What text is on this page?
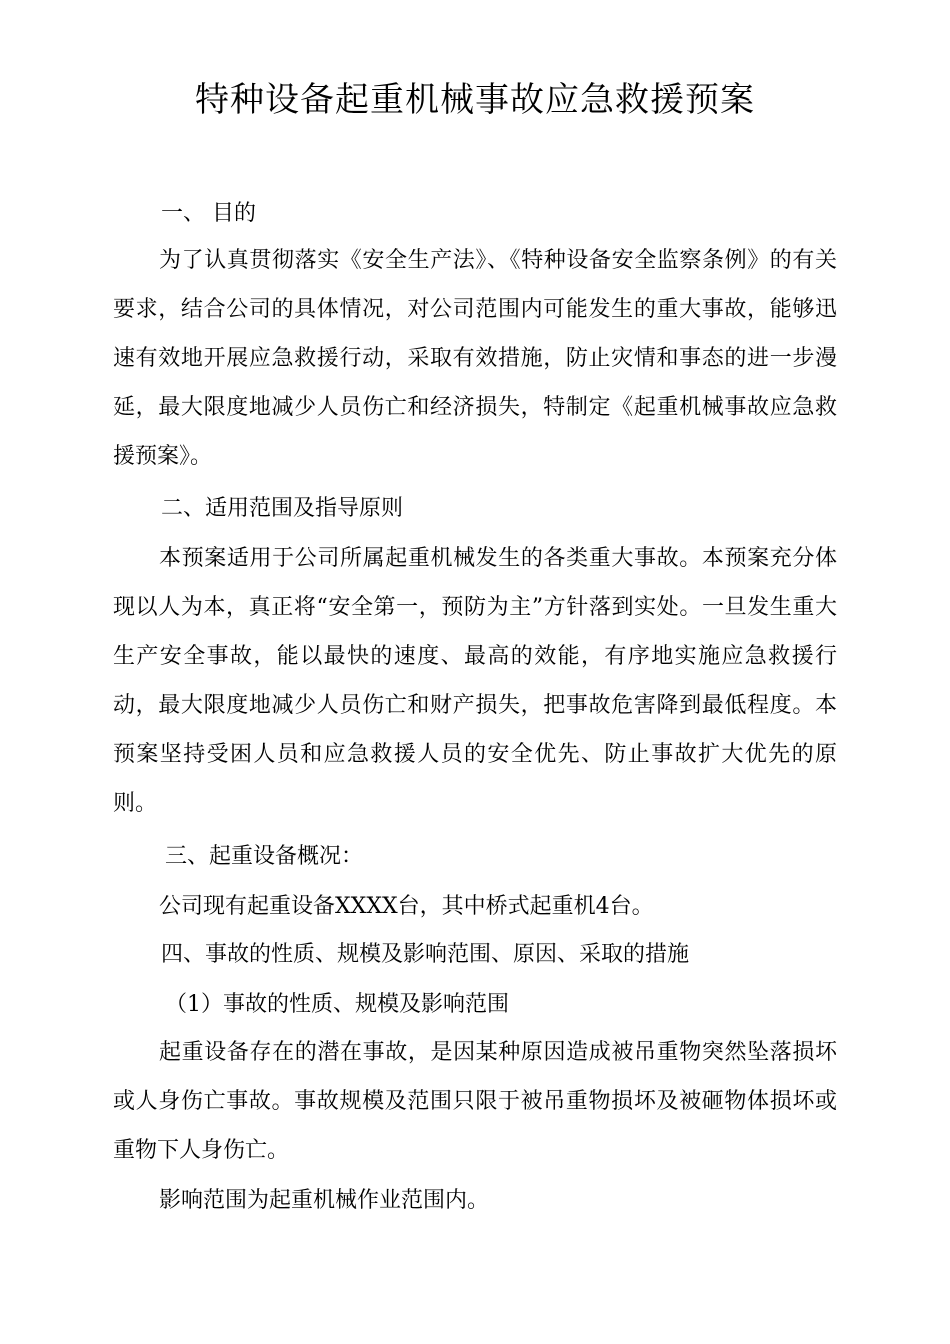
特种设备起重机械事故应急救援预案
一、 目的

为了认真贯彻落实《安全生产法》、《特种设备安全监察条例》的有关要求，结合公司的具体情况，对公司范围内可能发生的重大事故，能够迅速有效地开展应急救援行动，采取有效措施，防止灾情和事态的进一步漫延，最大限度地减少人员伤亡和经济损失，特制定《起重机械事故应急救援预案》。

二、适用范围及指导原则

本预案适用于公司所属起重机械发生的各类重大事故。本预案充分体现以人为本，真正将“安全第一，预防为主”方针落到实处。一旦发生重大生产安全事故，能以最快的速度、最高的效能，有序地实施应急救援行动，最大限度地减少人员伤亡和财产损失，把事故危害降到最低程度。本预案坚持受困人员和应急救援人员的安全优先、防止事故扩大优先的原则。

三、起重设备概况：

公司现有起重设备XXXX台，其中桥式起重机4台。

四、事故的性质、规模及影响范围、原因、采取的措施
（1）事故的性质、规模及影响范围

起重设备存在的潜在事故，是因某种原因造成被吊重物突然坠落损坏或人身伤亡事故。事故规模及范围只限于被吊重物损坏及被砸物体损坏或重物下人身伤亡。

影响范围为起重机械作业范围内。
